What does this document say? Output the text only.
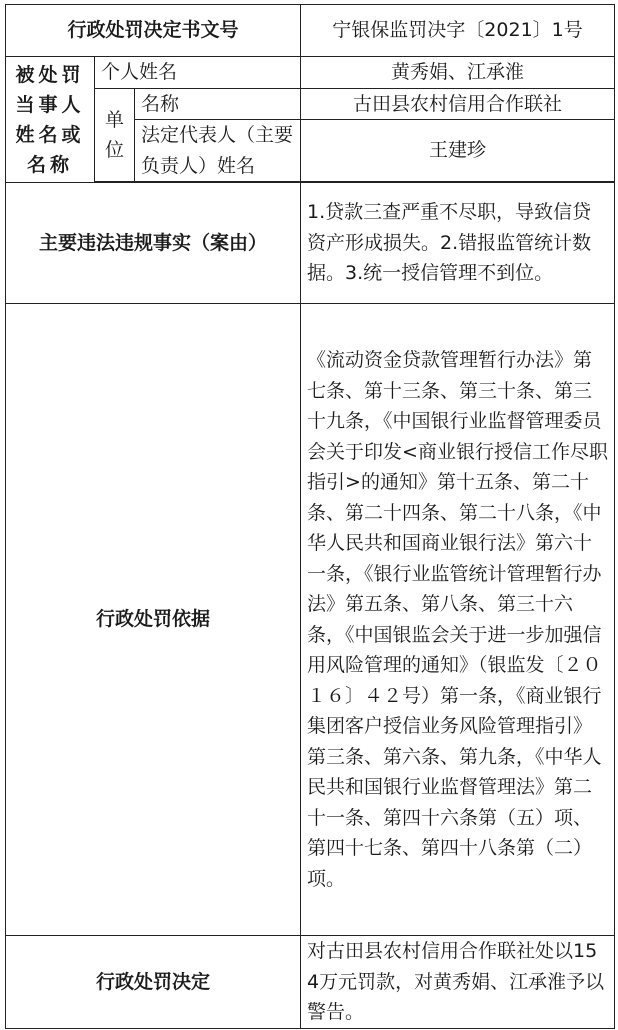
行政处罚决定书文号			宁银保监罚决字〔2021〕1号
被处罚当事人姓名或名称	个人姓名		黄秀娟、江承淮
	单位	名称	古田县农村信用合作联社
		法定代表人（主要负责人）姓名	王建珍

主要违法违规事实（案由）			1.贷款三查严重不尽职，导致信贷资产形成损失。2.错报监管统计数据。3.统一授信管理不到位。
行政处罚依据			《流动资金贷款管理暂行办法》第七条、第十三条、第三十条、第三十九条，《中国银行业监督管理委员会关于印发<商业银行授信工作尽职指引>的通知》第十五条、第二十条、第二十四条、第二十八条，《中华人民共和国商业银行法》第六十一条，《银行业监管统计管理暂行办法》第五条、第八条、第三十六条，《中国银监会关于进一步加强信用风险管理的通知》（银监发〔２０１６〕４２号）第一条，《商业银行集团客户授信业务风险管理指引》第三条、第六条、第九条，《中华人民共和国银行业监督管理法》第二十一条、第四十六条第（五）项、第四十七条、第四十八条第（二）项。
行政处罚决定			对古田县农村信用合作联社处以154万元罚款，对黄秀娟、江承淮予以警告。
